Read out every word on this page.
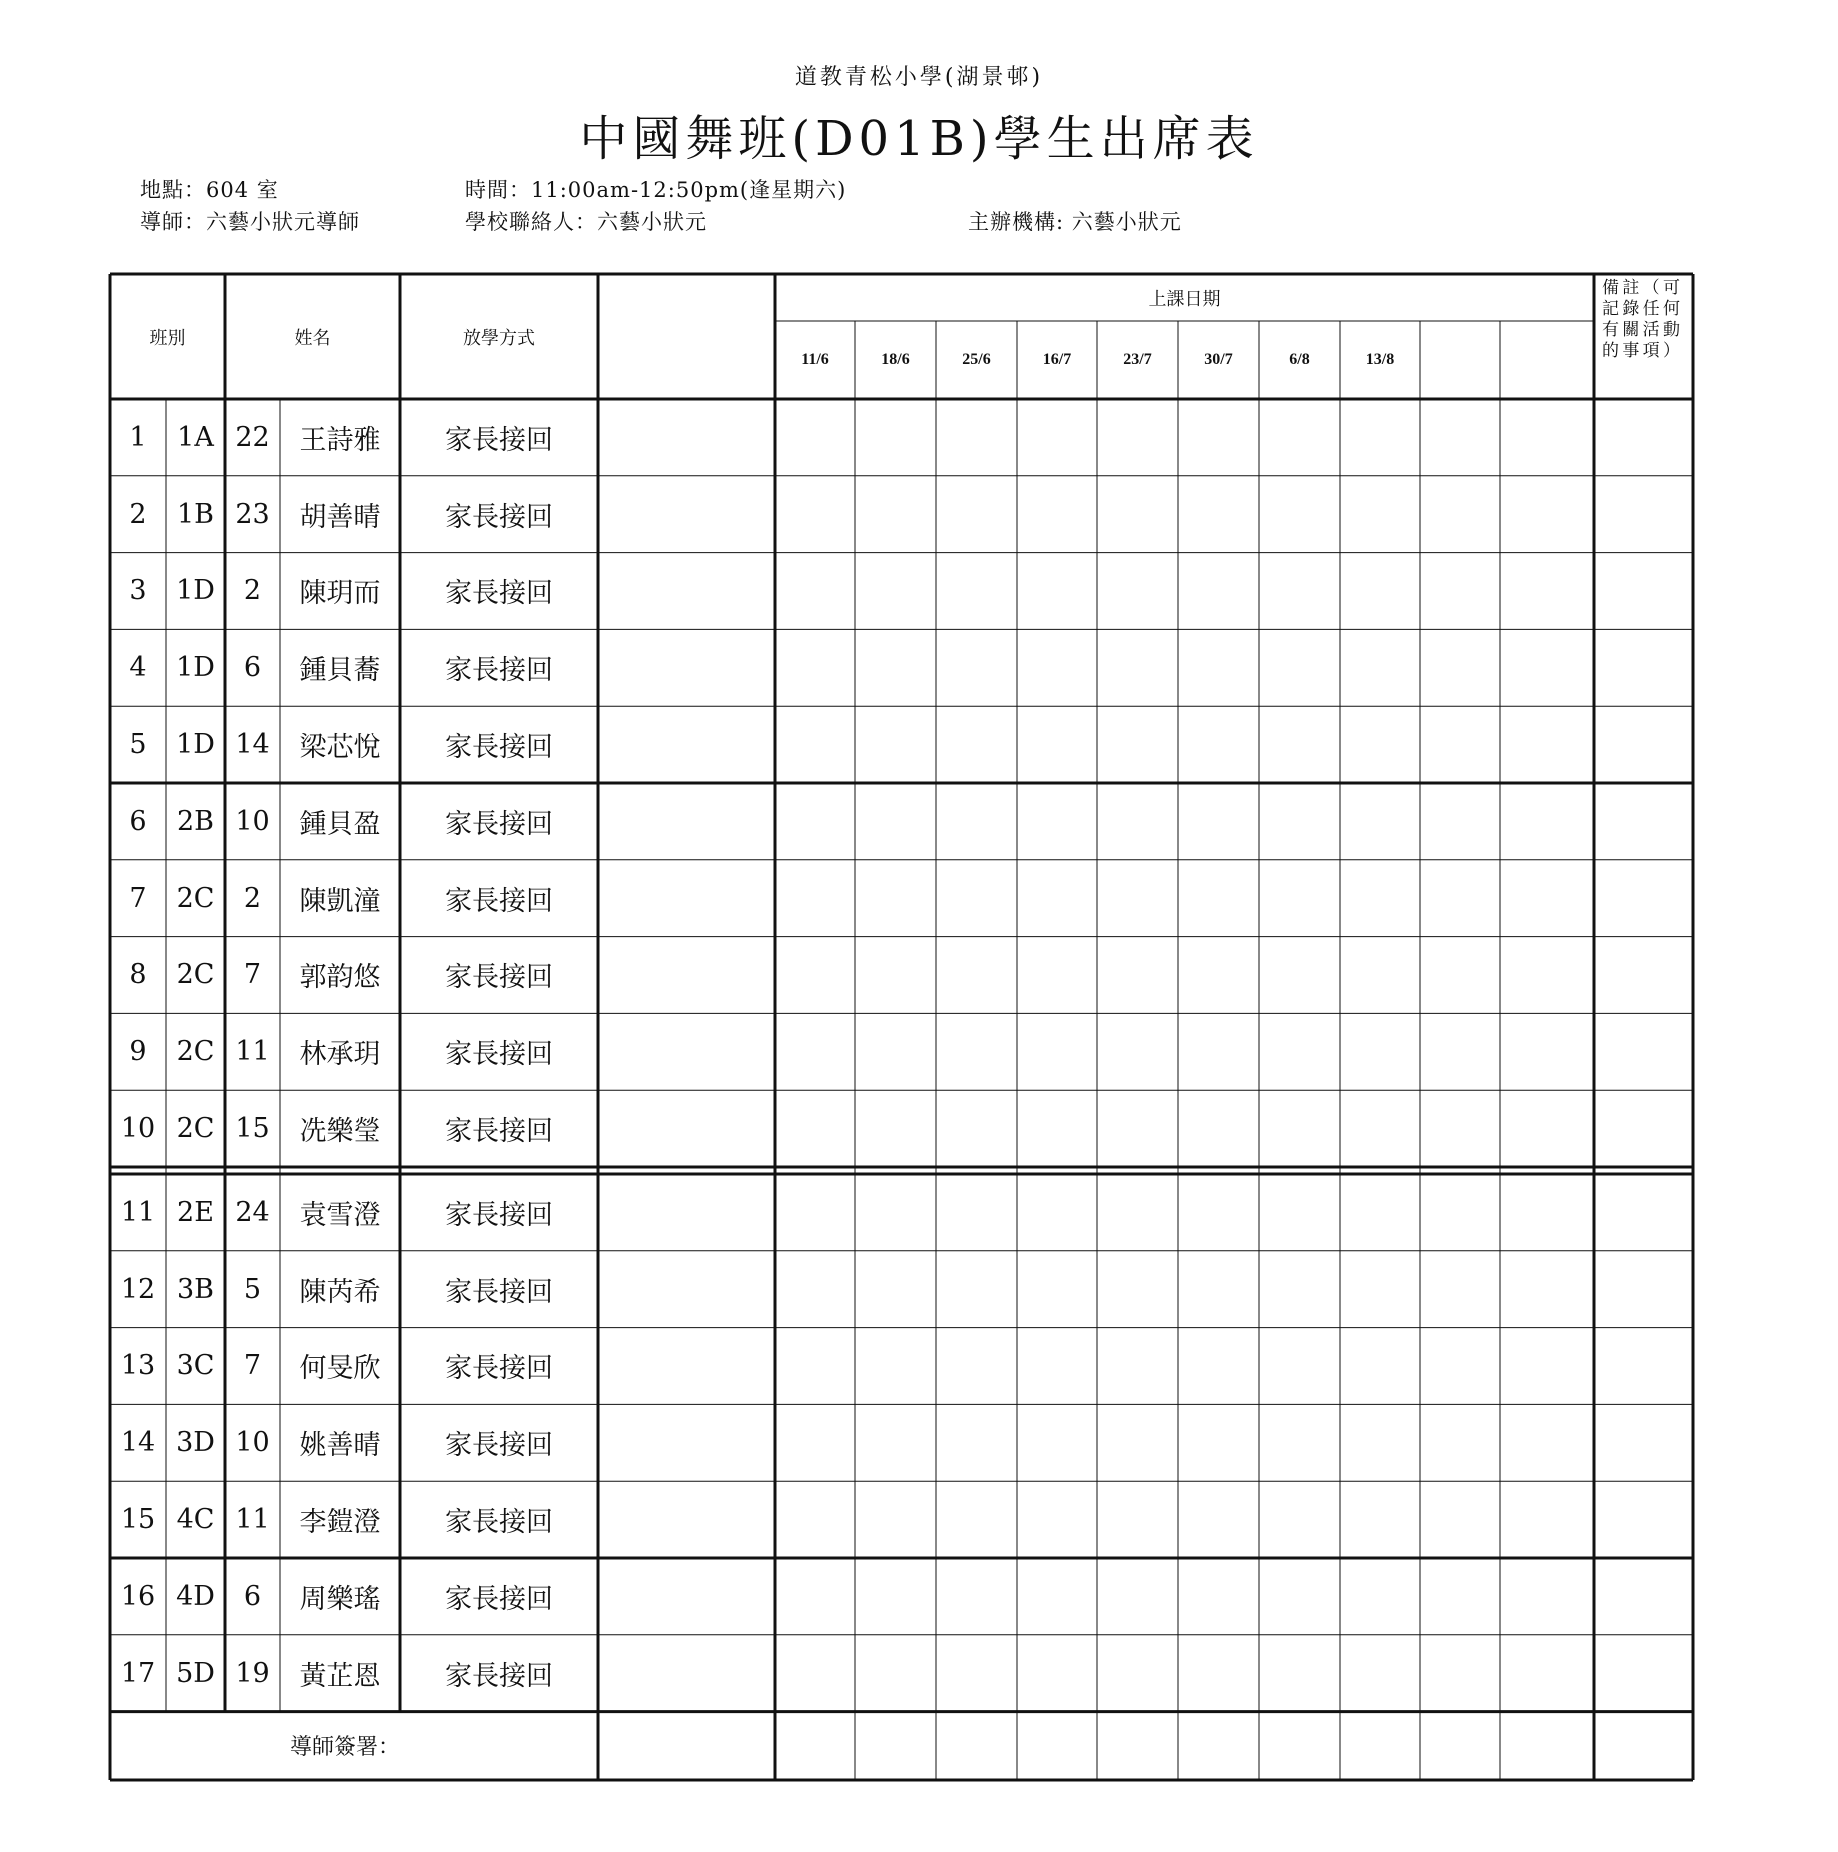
道教青松小學(湖景邨)
中國舞班(D01B)學生出席表
地點：604 室	時間：11:00am-12:50pm(逢星期六)
導師：六藝小狀元導師	學校聯絡人：六藝小狀元	主辦機構: 六藝小狀元
班別	姓名	放學方式
上課日期
11/6	18/6	25/6	16/7	23/7	30/7	6/8	13/8
備註（可記錄任何有關活動的事項）
1	1A 22	王詩雅	家長接回
2	1B 23	胡善晴	家長接回
3	1D	2	陳玥而	家長接回
4	1D	6	鍾貝蕎	家長接回
5	1D 14	梁芯悅	家長接回
6	2B 10	鍾貝盈	家長接回
7	2C	2	陳凱潼	家長接回
8	2C	7	郭韵悠	家長接回
9	2C 11	林承玥	家長接回
10 2C 15	冼樂瑩	家長接回
11 2E 24	袁雪澄	家長接回
12 3B	5	陳芮希	家長接回
13 3C	7	何旻欣	家長接回
14 3D 10	姚善晴	家長接回
15 4C 11	李鎧澄	家長接回
16 4D	6	周樂瑤	家長接回
17 5D 19	黃芷恩	家長接回
導師簽署：
